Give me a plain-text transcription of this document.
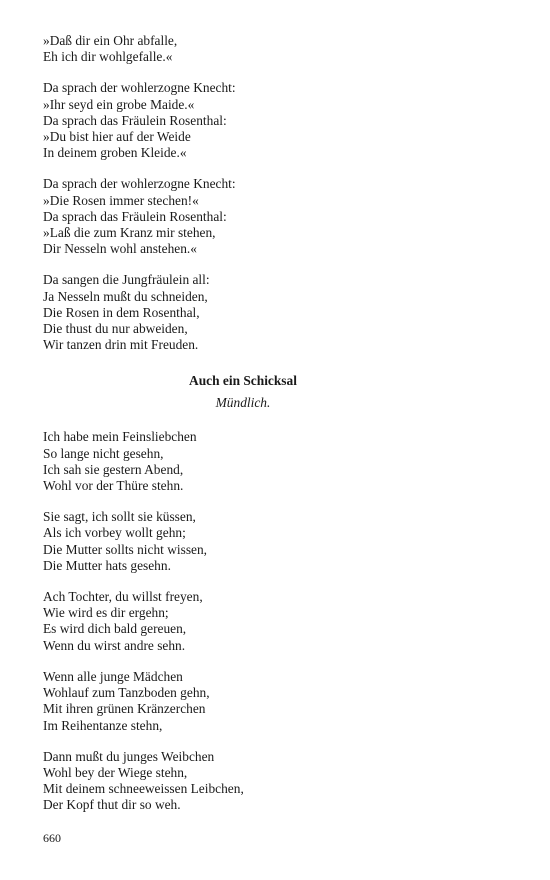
»Daß dir ein Ohr abfalle,
Eh ich dir wohlgefalle.«
Da sprach der wohlerzogne Knecht:
»Ihr seyd ein grobe Maide.«
Da sprach das Fräulein Rosenthal:
»Du bist hier auf der Weide
In deinem groben Kleide.«
Da sprach der wohlerzogne Knecht:
»Die Rosen immer stechen!«
Da sprach das Fräulein Rosenthal:
»Laß die zum Kranz mir stehen,
Dir Nesseln wohl anstehen.«
Da sangen die Jungfräulein all:
Ja Nesseln mußt du schneiden,
Die Rosen in dem Rosenthal,
Die thust du nur abweiden,
Wir tanzen drin mit Freuden.
Auch ein Schicksal
Mündlich.
Ich habe mein Feinsliebchen
So lange nicht gesehn,
Ich sah sie gestern Abend,
Wohl vor der Thüre stehn.
Sie sagt, ich sollt sie küssen,
Als ich vorbey wollt gehn;
Die Mutter sollts nicht wissen,
Die Mutter hats gesehn.
Ach Tochter, du willst freyen,
Wie wird es dir ergehn;
Es wird dich bald gereuen,
Wenn du wirst andre sehn.
Wenn alle junge Mädchen
Wohlauf zum Tanzboden gehn,
Mit ihren grünen Kränzerchen
Im Reihentanze stehn,
Dann mußt du junges Weibchen
Wohl bey der Wiege stehn,
Mit deinem schneeweissen Leibchen,
Der Kopf thut dir so weh.
660
